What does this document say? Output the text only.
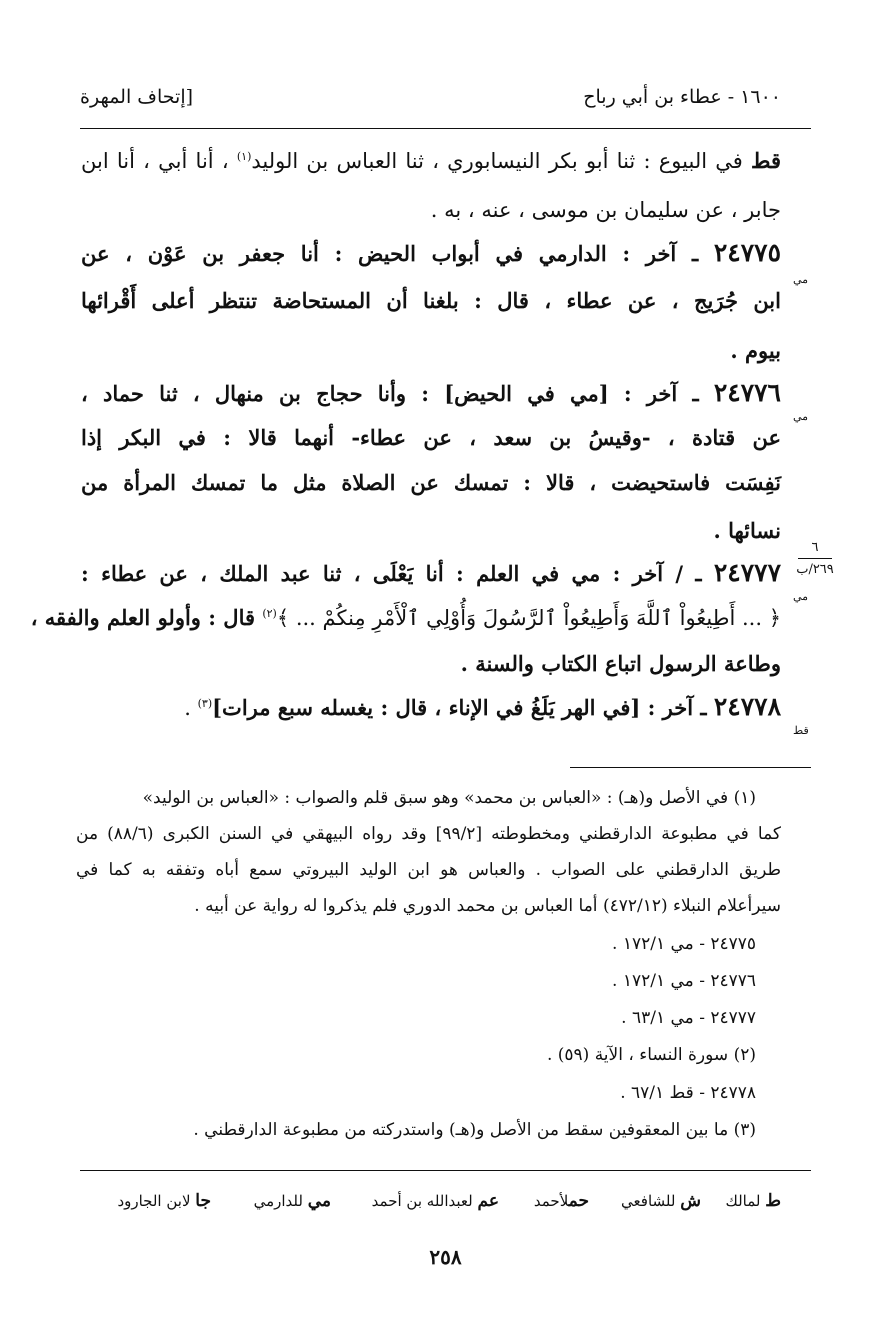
١٦٠٠ - عطاء بن أبي رباح
[إتحاف المهرة
قط في البيوع : ثنا أبو بكر النيسابوري ، ثنا العباس بن الوليد$^{(١)}$ ، أنا أبي ، أنا ابن
جابر ، عن سليمان بن موسى ، عنه ، به .
٢٤٧٧٥ ـ آخر : الدارمي في أبواب الحيض : أنا جعفر بن عَوْن ، عن
مي
ابن جُرَيج ، عن عطاء ، قال : بلغنا أن المستحاضة تنتظر أعلى أَقْرائها
بيوم .
٢٤٧٧٦ ـ آخر : [مي في الحيض] : وأنا حجاج بن منهال ، ثنا حماد ،
مي
عن قتادة ، -وقيسُ بن سعد ، عن عطاء- أنهما قالا : في البكر إذا
نَفِسَت فاستحيضت ، قالا : تمسك عن الصلاة مثل ما تمسك المرأة من
نسائها .
٦
٢٦٩/ب
٢٤٧٧٧ ـ / آخر : مي في العلم : أنا يَعْلَى ، ثنا عبد الملك ، عن عطاء :
مي
﴿ ... أَطِيعُواْ ٱللَّهَ وَأَطِيعُواْ ٱلرَّسُولَ وَأُوْلِي ٱلْأَمْرِ مِنكُمْ ... ﴾$^{(٢)}$ قال : وأولو العلم والفقه ،
وطاعة الرسول اتباع الكتاب والسنة .
٢٤٧٧٨ ـ آخر : [في الهر يَلَغُ في الإناء ، قال : يغسله سبع مرات]$^{(٣)}$ .
قط
(١) في الأصل و(هـ) : «العباس بن محمد» وهو سبق قلم والصواب : «العباس بن الوليد»
كما في مطبوعة الدارقطني ومخطوطته [٩٩/٢] وقد رواه البيهقي في السنن الكبرى (٨٨/٦) من
طريق الدارقطني على الصواب . والعباس هو ابن الوليد البيروتي سمع أباه وتفقه به كما في
سيرأعلام النبلاء (٤٧٢/١٢) أما العباس بن محمد الدوري فلم يذكروا له رواية عن أبيه .
٢٤٧٧٥ - مي ١٧٢/١ .
٢٤٧٧٦ - مي ١٧٢/١ .
٢٤٧٧٧ - مي ٦٣/١ .
(٢) سورة النساء ، الآية (٥٩) .
٢٤٧٧٨ - قط ٦٧/١ .
(٣) ما بين المعقوفين سقط من الأصل و(هـ) واستدركته من مطبوعة الدارقطني .
ط لمالك
ش للشافعي
حملأحمد
عم لعبدالله بن أحمد
مي للدارمي
جا لابن الجارود
٢٥٨
